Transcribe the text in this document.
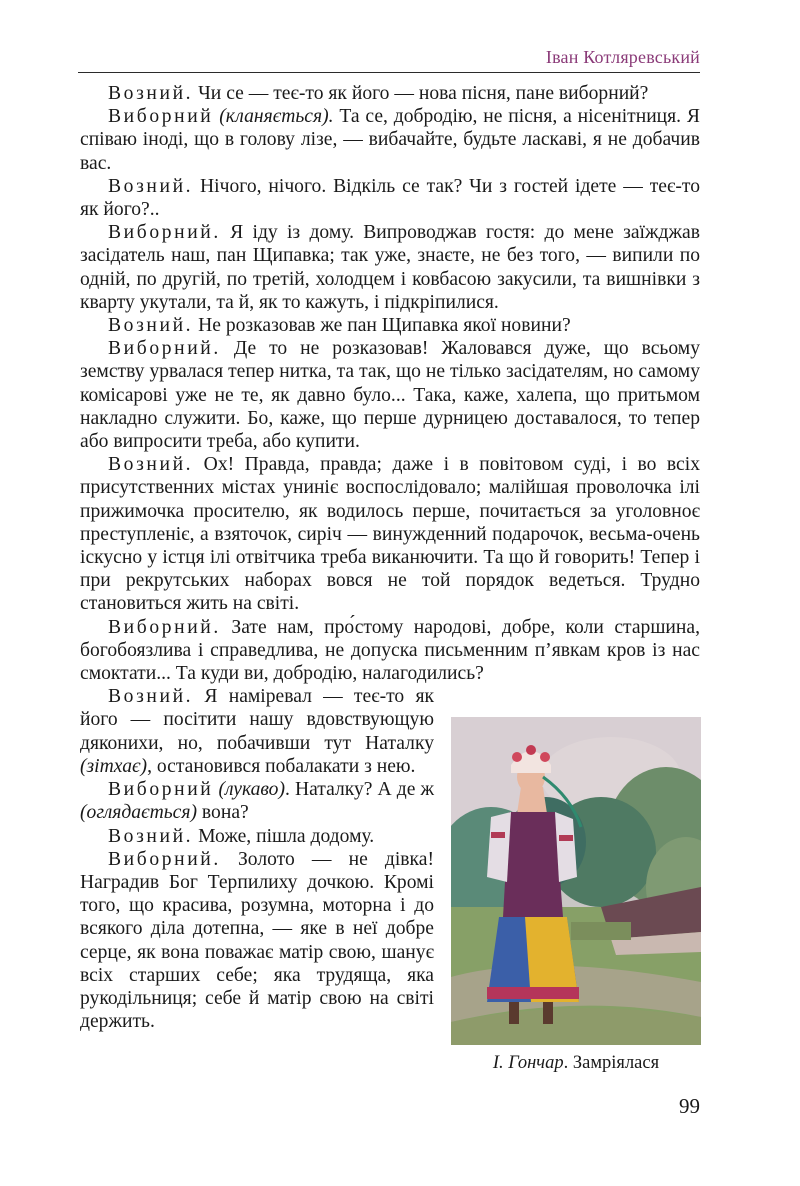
Іван Котляревський

Возний. Чи се — теє-то як його — нова пісня, пане виборний?

Виборний (кланяється). Та се, добродію, не пісня, а нісенітниця. Я співаю іноді, що в голову лізе, — вибачайте, будьте ласкаві, я не добачив вас.

Возний. Нічого, нічого. Відкіль се так? Чи з гостей ідете — теє-то як його?..

Виборний. Я іду із дому. Випроводжав гостя: до мене заїжджав засідатель наш, пан Щипавка; так уже, знаєте, не без того, — випили по одній, по другій, по третій, холодцем і ковбасою закусили, та вишнівки з кварту укутали, та й, як то кажуть, і підкріпилися.

Возний. Не розказовав же пан Щипавка якої новини?

Виборний. Де то не розказовав! Жаловався дуже, що всьому земству урвалася тепер нитка, та так, що не тілько засідателям, но самому комісарові уже не те, як давно було... Така, каже, халепа, що притьмом накладно служити. Бо, каже, що перше дурницею доставалося, то тепер або випросити треба, або купити.

Возний. Ох! Правда, правда; даже і в повітовом суді, і во всіх присутственних містах унинiє воспослідовало; малійшая проволочка ілі прижимочка просителю, як водилось перше, почитається за уголовноє преступленіє, а взяточок, сиріч — винужденний подарочок, весьма-очень іскусно у істця ілі отвітчика треба виканючити. Та що й говорить! Тепер і при рекрутських наборах вовся не той порядок ведеться. Трудно становиться жить на світі.

Виборний. Зате нам, про́стому народові, добре, коли старшина, богобоязлива і справедлива, не допуска письменним п’явкам кров із нас смоктати... Та куди ви, добродію, налагодились?

Возний. Я наміревал — теє-то як його — посітити нашу вдовствующую дяконихи, но, побачивши тут Наталку (зітхає), остановився побалакати з нею.

Виборний (лукаво). Наталку? А де ж (оглядається) вона?

Возний. Може, пішла додому.

Виборний. Золото — не дівка! Наградив Бог Терпилиху дочкою. Кромі того, що красива, розумна, моторна і до всякого діла дотепна, — яке в неї добре серце, як вона поважає матір свою, шанує всіх старших себе; яка трудяща, яка рукодільниця; себе й матір свою на світі держить.

І. Гончар. Замріялася
99
